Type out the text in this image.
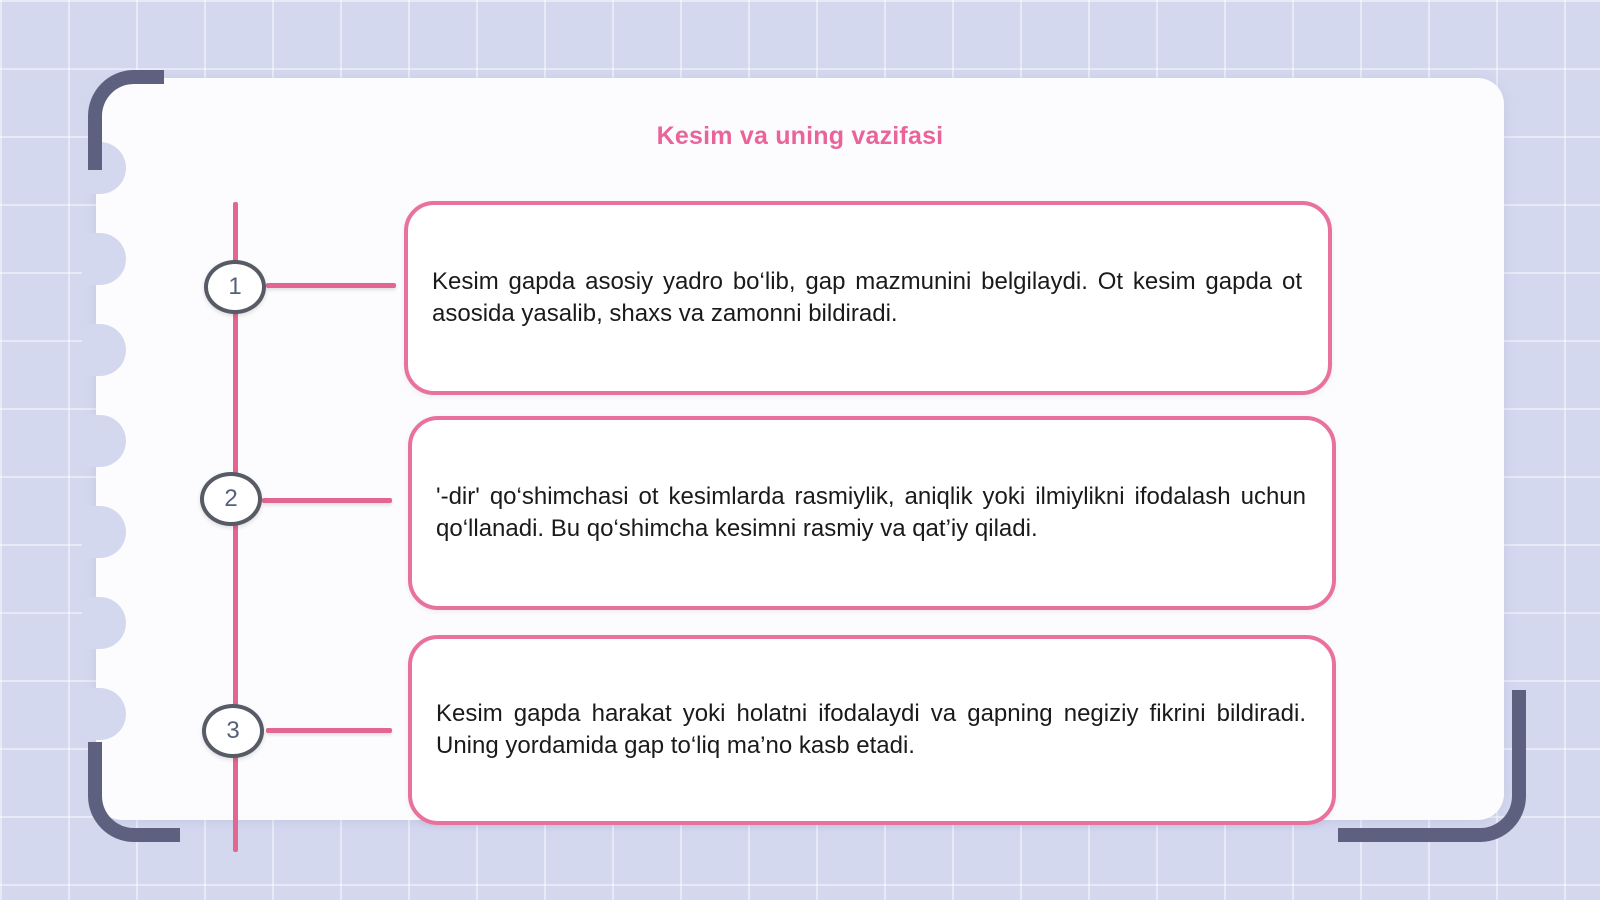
Kesim va uning vazifasi
1	Kesim gapda asosiy yadro bo‘lib, gap mazmunini belgilaydi. Ot kesim gapda ot asosida yasalib, shaxs va zamonni bildiradi.
2	'-dir' qo‘shimchasi ot kesimlarda rasmiylik, aniqlik yoki ilmiylikni ifodalash uchun qo‘llanadi. Bu qo‘shimcha kesimni rasmiy va qat’iy qiladi.
3
Kesim gapda harakat yoki holatni ifodalaydi va gapning negiziy fikrini bildiradi. Uning yordamida gap to‘liq ma’no kasb etadi.
